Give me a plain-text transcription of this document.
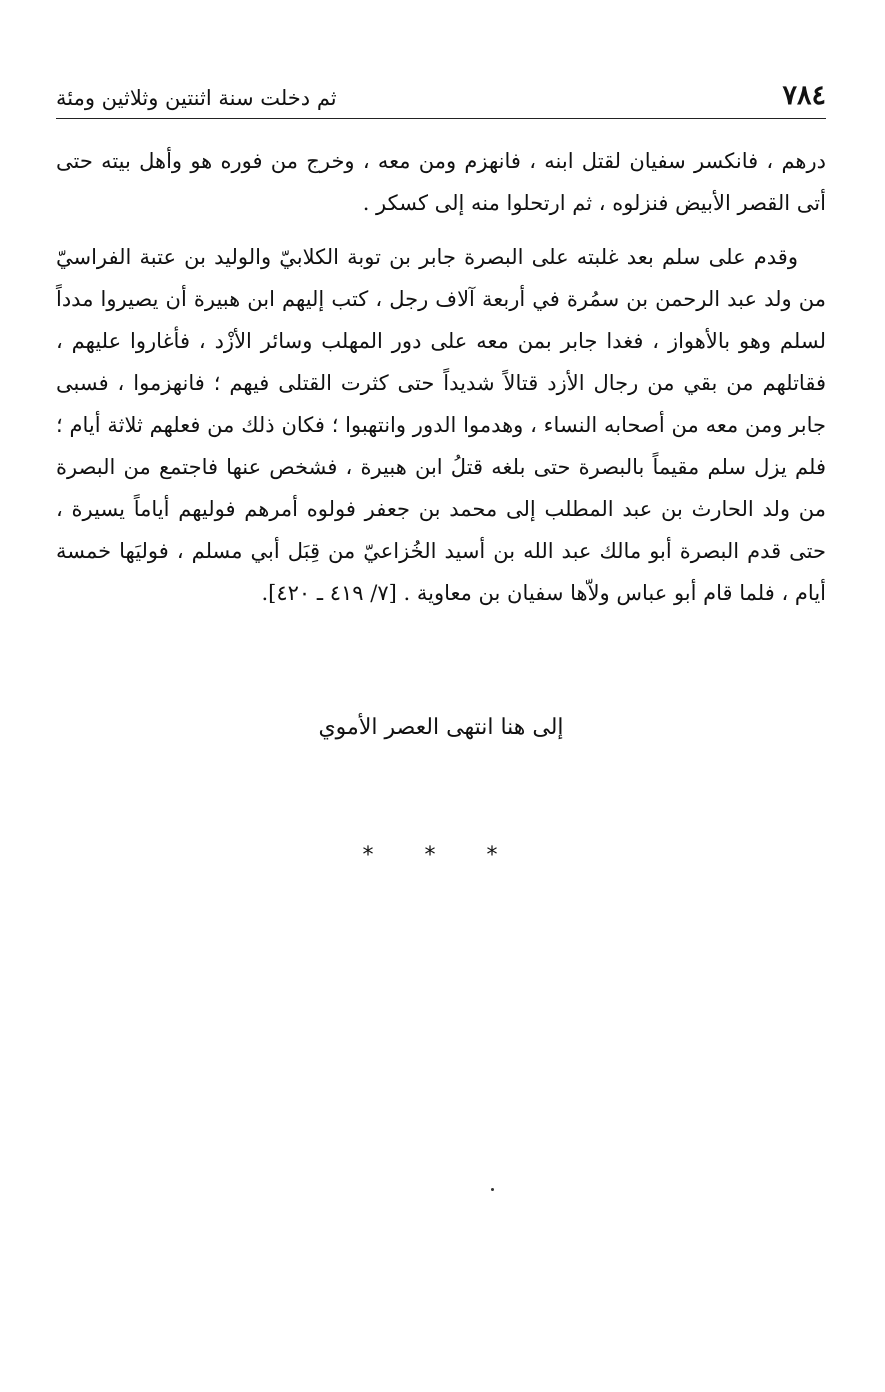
٧٨٤
ثم دخلت سنة اثنتين وثلاثين ومئة

درهم ، فانكسر سفيان لقتل ابنه ، فانهزم ومن معه ، وخرج من فوره هو وأهل بيته حتى أتى القصر الأبيض فنزلوه ، ثم ارتحلوا منه إلى كسكر .

وقدم على سلم بعد غلبته على البصرة جابر بن توبة الكلابيّ والوليد بن عتبة الفراسيّ من ولد عبد الرحمن بن سمُرة في أربعة آلاف رجل ، كتب إليهم ابن هبيرة أن يصيروا مدداً لسلم وهو بالأهواز ، فغدا جابر بمن معه على دور المهلب وسائر الأزْد ، فأغاروا عليهم ، فقاتلهم من بقي من رجال الأزد قتالاً شديداً حتى كثرت القتلى فيهم ؛ فانهزموا ، فسبى جابر ومن معه من أصحابه النساء ، وهدموا الدور وانتهبوا ؛ فكان ذلك من فعلهم ثلاثة أيام ؛ فلم يزل سلم مقيماً بالبصرة حتى بلغه قتلُ ابن هبيرة ، فشخص عنها فاجتمع من البصرة من ولد الحارث بن عبد المطلب إلى محمد بن جعفر فولوه أمرهم فوليهم أياماً يسيرة ، حتى قدم البصرة أبو مالك عبد الله بن أسيد الخُزاعيّ من قِبَل أبي مسلم ، فوليَها خمسة أيام ، فلما قام أبو عباس ولاّها سفيان بن معاوية . [٧/ ٤١٩ ـ ٤٢٠].

إلى هنا انتهى العصر الأموي
* * *
